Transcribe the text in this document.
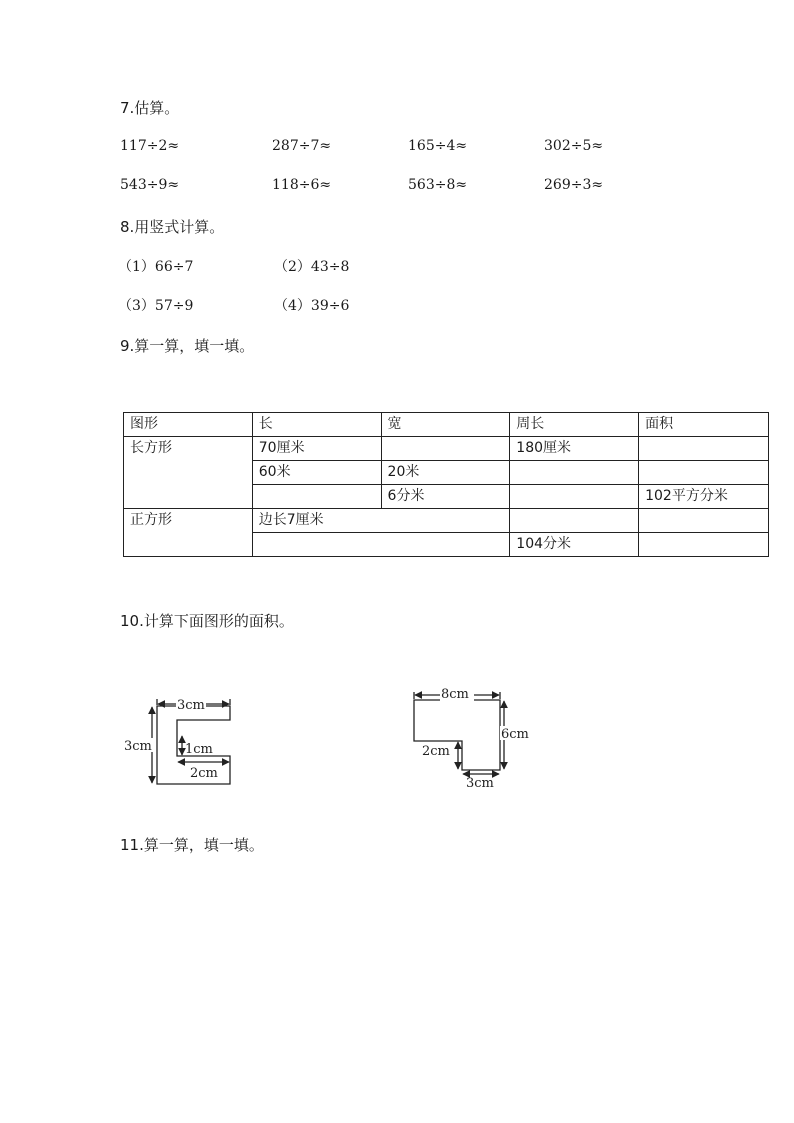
7.估算。
117÷2≈	287÷7≈	165÷4≈	302÷5≈
543÷9≈	118÷6≈	563÷8≈	269÷3≈
8.用竖式计算。
（1）66÷7	（2）43÷8
（3）57÷9	（4）39÷6
9.算一算，填一填。
图形	长	宽	周长	面积
长方形	70厘米		180厘米	
	60米	20米		
		6分米		102平方分米
正方形	边长7厘米			
			104分米	
10.计算下面图形的面积。
3cm
3cm	1cm
2cm
8cm
6cm
2cm
3cm
11.算一算，填一填。
